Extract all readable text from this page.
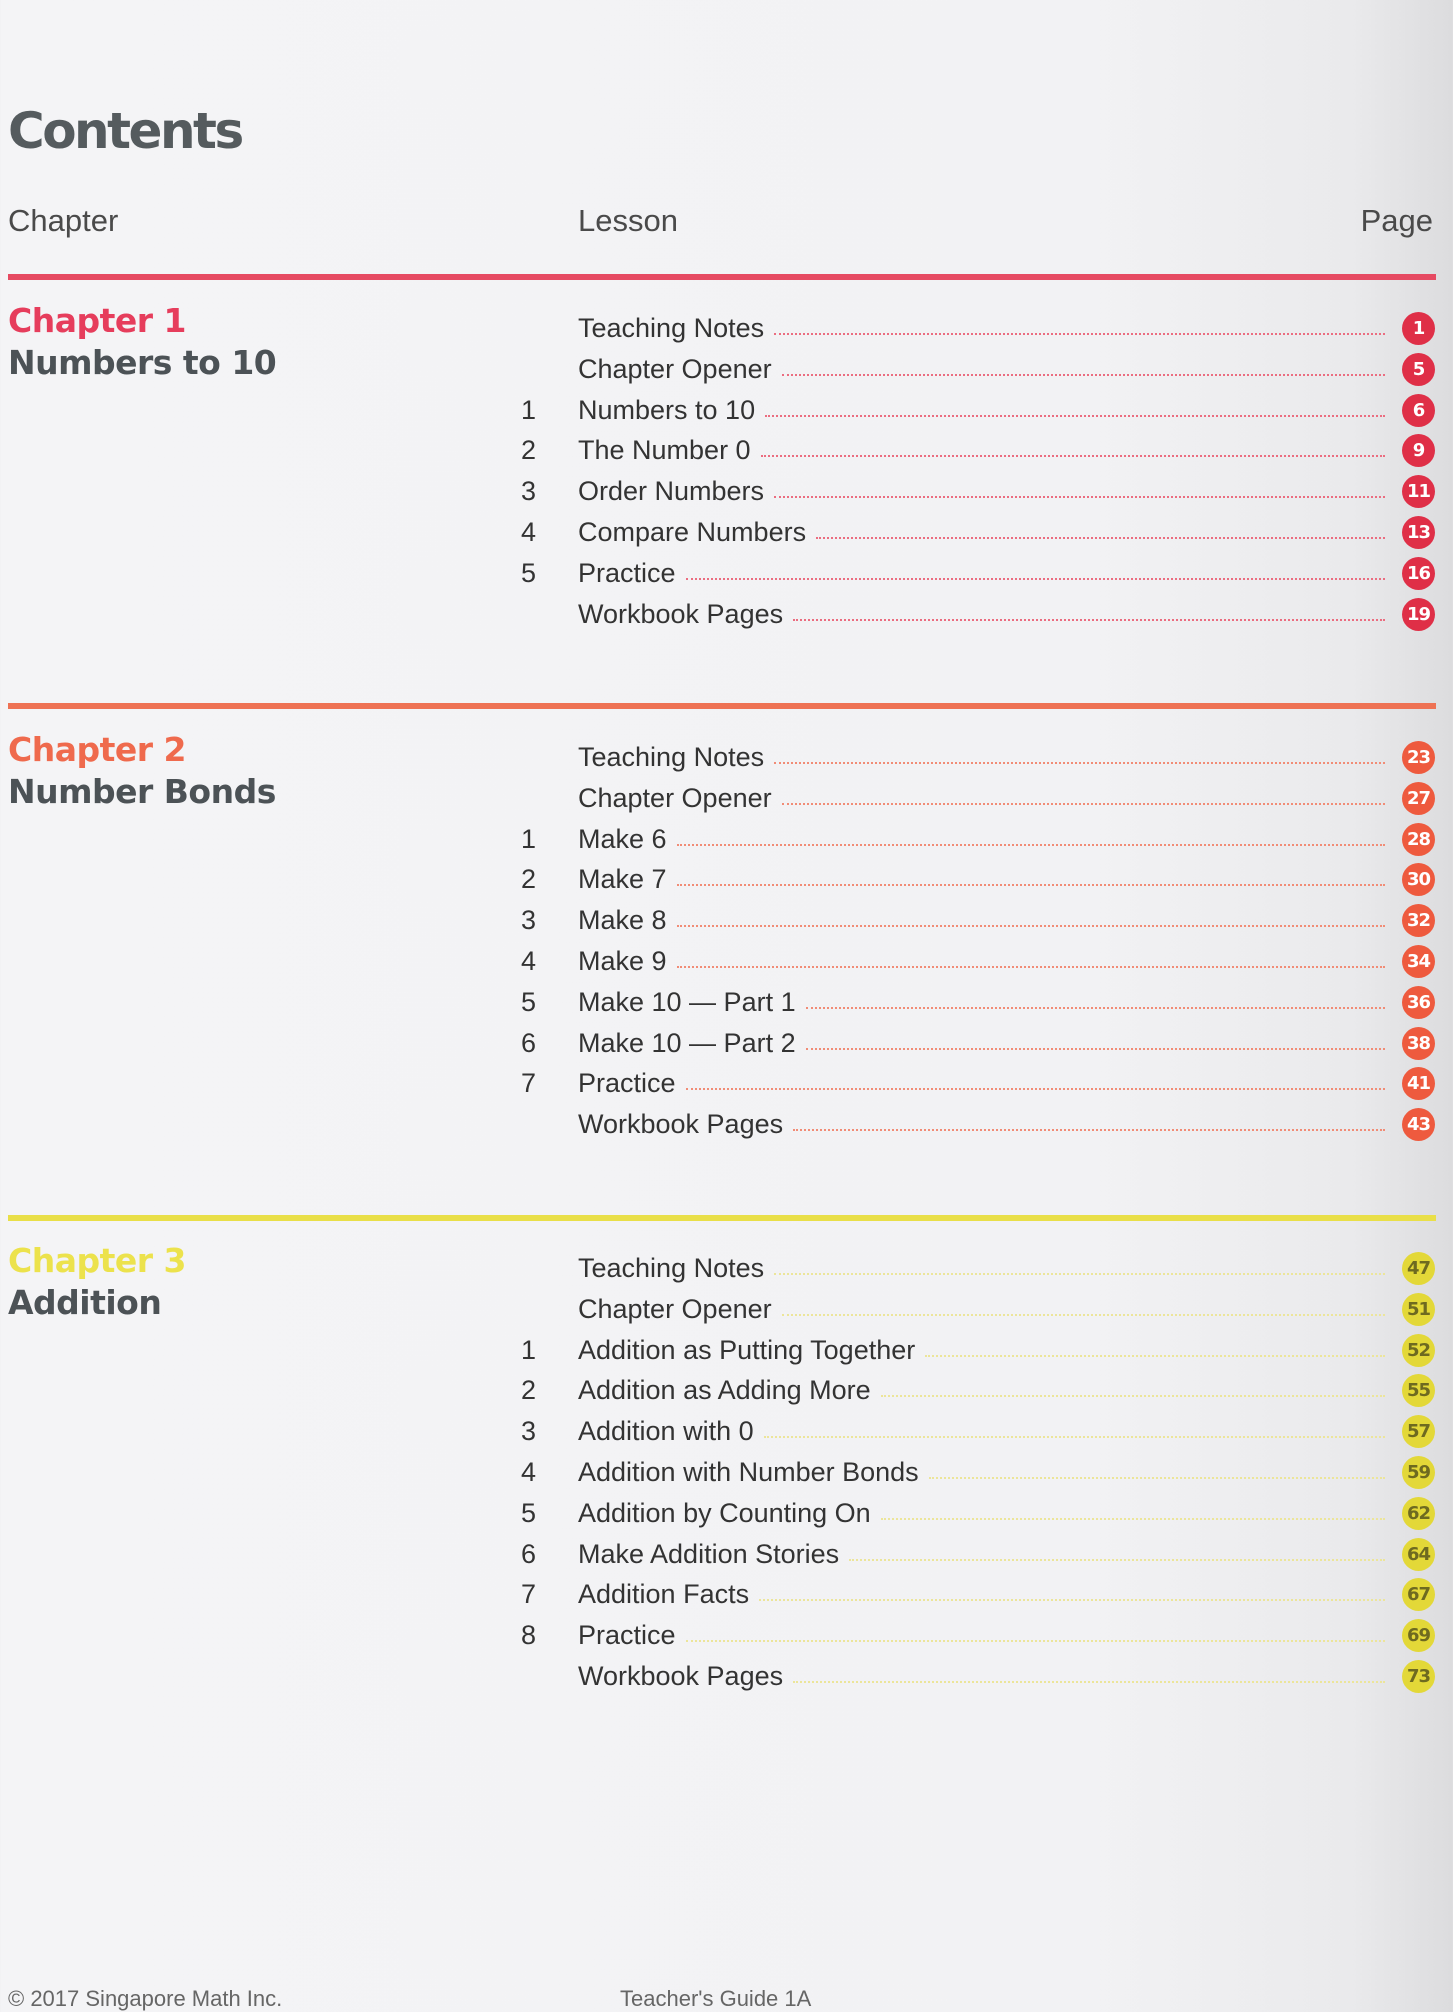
Contents
Chapter	Lesson	Page
Chapter 1
Numbers to 10
Teaching Notes	1
Chapter Opener	5
1 Numbers to 10	6
2 The Number 0	9
3 Order Numbers	11
4 Compare Numbers	13
5 Practice	16
Workbook Pages	19
Chapter 2
Number Bonds
Teaching Notes	23
Chapter Opener	27
1 Make 6	28
2 Make 7	30
3 Make 8	32
4 Make 9	34
5 Make 10 — Part 1	36
6 Make 10 — Part 2	38
7 Practice	41
Workbook Pages	43
Chapter 3
Addition
Teaching Notes	47
Chapter Opener	51
1 Addition as Putting Together	52
2 Addition as Adding More	55
3 Addition with 0	57
4 Addition with Number Bonds	59
5 Addition by Counting On	62
6 Make Addition Stories	64
7 Addition Facts	67
8 Practice	69
Workbook Pages	73
© 2017 Singapore Math Inc.	Teacher's Guide 1A
